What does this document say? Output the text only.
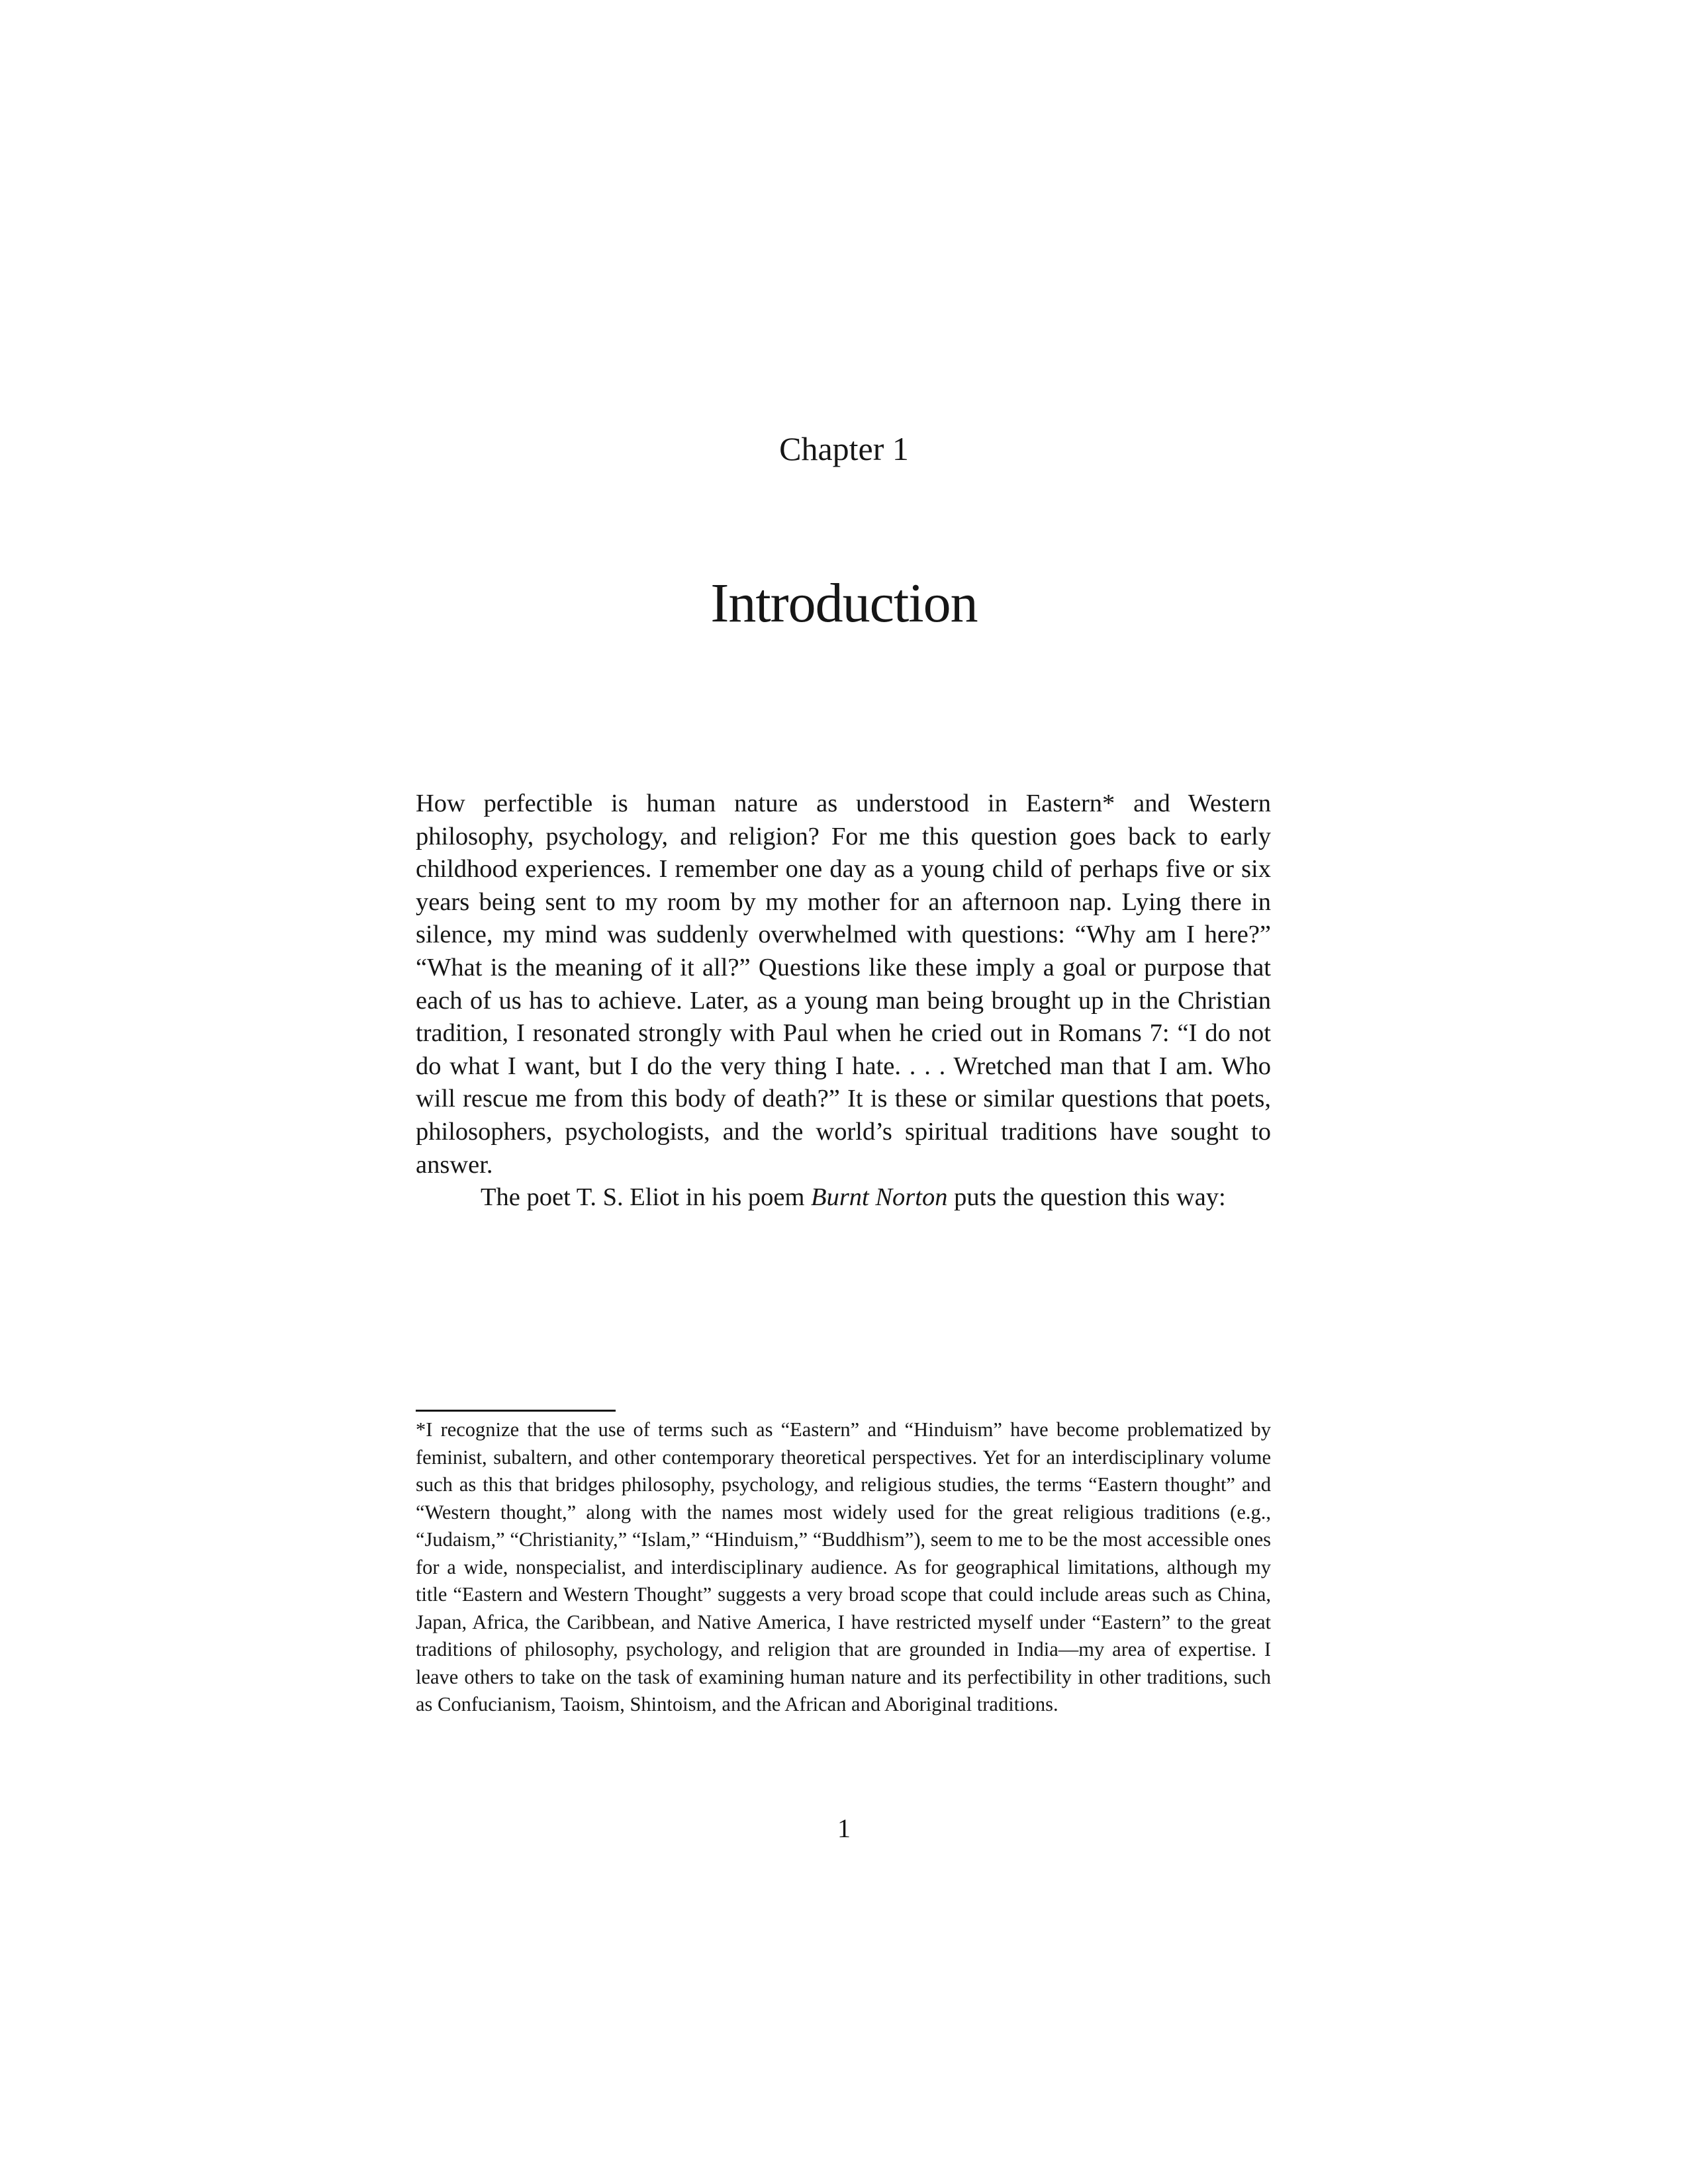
Chapter 1
Introduction

How perfectible is human nature as understood in Eastern* and Western philosophy, psychology, and religion? For me this question goes back to early childhood experiences. I remember one day as a young child of perhaps five or six years being sent to my room by my mother for an afternoon nap. Lying there in silence, my mind was suddenly overwhelmed with questions: “Why am I here?” “What is the meaning of it all?” Questions like these imply a goal or purpose that each of us has to achieve. Later, as a young man being brought up in the Christian tradition, I resonated strongly with Paul when he cried out in Romans 7: “I do not do what I want, but I do the very thing I hate. . . . Wretched man that I am. Who will rescue me from this body of death?” It is these or similar questions that poets, philosophers, psychologists, and the world’s spiritual traditions have sought to answer.

The poet T. S. Eliot in his poem Burnt Norton puts the question this way:

*I recognize that the use of terms such as “Eastern” and “Hinduism” have become problematized by feminist, subaltern, and other contemporary theoretical perspectives. Yet for an interdisciplinary volume such as this that bridges philosophy, psychology, and religious studies, the terms “Eastern thought” and “Western thought,” along with the names most widely used for the great religious traditions (e.g., “Judaism,” “Christianity,” “Islam,” “Hinduism,” “Buddhism”), seem to me to be the most accessible ones for a wide, nonspecialist, and interdisciplinary audience. As for geographical limitations, although my title “Eastern and Western Thought” suggests a very broad scope that could include areas such as China, Japan, Africa, the Caribbean, and Native America, I have restricted myself under “Eastern” to the great traditions of philosophy, psychology, and religion that are grounded in India—my area of expertise. I leave others to take on the task of examining human nature and its perfectibility in other traditions, such as Confucianism, Taoism, Shintoism, and the African and Aboriginal traditions.

1
